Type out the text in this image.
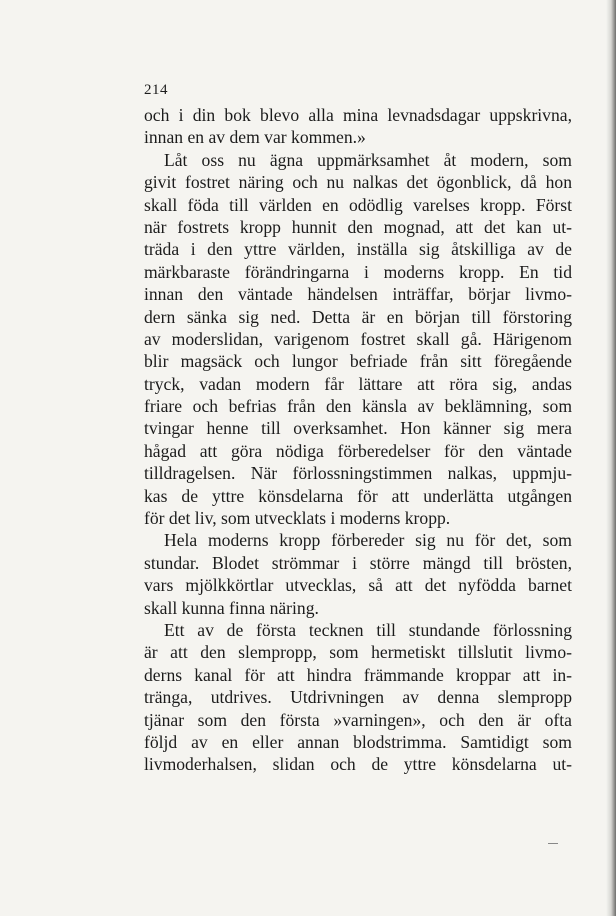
214
och i din bok blevo alla mina levnadsdagar uppskrivna,
innan en av dem var kommen.»
Låt oss nu ägna uppmärksamhet åt modern, som
givit fostret näring och nu nalkas det ögonblick, då hon
skall föda till världen en odödlig varelses kropp. Först
när fostrets kropp hunnit den mognad, att det kan ut-
träda i den yttre världen, inställa sig åtskilliga av de
märkbaraste förändringarna i moderns kropp. En tid
innan den väntade händelsen inträffar, börjar livmo-
dern sänka sig ned. Detta är en början till förstoring
av moderslidan, varigenom fostret skall gå. Härigenom
blir magsäck och lungor befriade från sitt föregående
tryck, vadan modern får lättare att röra sig, andas
friare och befrias från den känsla av beklämning, som
tvingar henne till overksamhet. Hon känner sig mera
hågad att göra nödiga förberedelser för den väntade
tilldragelsen. När förlossningstimmen nalkas, uppmju-
kas de yttre könsdelarna för att underlätta utgången
för det liv, som utvecklats i moderns kropp.
Hela moderns kropp förbereder sig nu för det, som
stundar. Blodet strömmar i större mängd till brösten,
vars mjölkkörtlar utvecklas, så att det nyfödda barnet
skall kunna finna näring.
Ett av de första tecknen till stundande förlossning
är att den slempropp, som hermetiskt tillslutit livmo-
derns kanal för att hindra främmande kroppar att in-
tränga, utdrives. Utdrivningen av denna slempropp
tjänar som den första »varningen», och den är ofta
följd av en eller annan blodstrimma. Samtidigt som
livmoderhalsen, slidan och de yttre könsdelarna ut-
